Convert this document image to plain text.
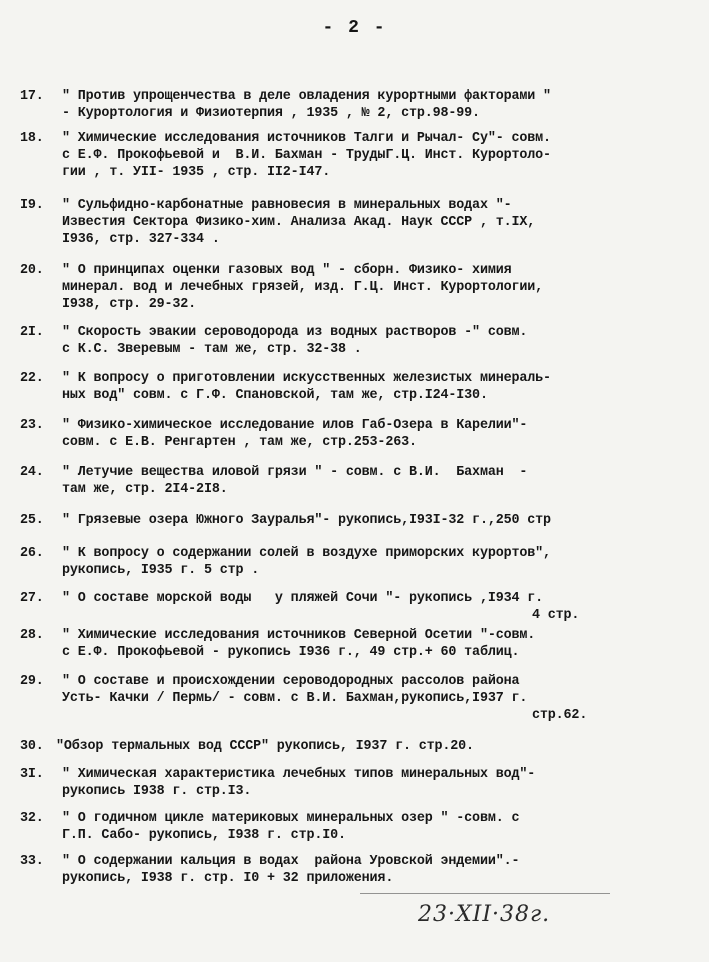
- 2 -
17.	" Против упрощенчества в деле овладения курортными факторами "
- Курортология и Физиотерпия , 1935 , № 2, стр.98-99.
18.	" Химические исследования источников Талги и Рычал- Су"- совм.
с Е.Ф. Прокофьевой и  В.И. Бахман - ТрудыГ.Ц. Инст. Курортоло-
гии , т. УII- 1935 , стр. II2-I47.
I9.	" Сульфидно-карбонатные равновесия в минеральных водах "-
Известия Сектора Физико-хим. Анализа Акад. Наук СССР , т.IX,
I936, стр. 327-334 .
20.	" О принципах оценки газовых вод " - сборн. Физико- химия
минерал. вод и лечебных грязей, изд. Г.Ц. Инст. Курортологии,
I938, стр. 29-32.
2I.	" Скорость эвакии сероводорода из водных растворов -" совм.
с К.С. Зверевым - там же, стр. 32-38 .
22.	" К вопросу о приготовлении искусственных железистых минераль-
ных вод" совм. с Г.Ф. Спановской, там же, стр.I24-I30.
23.	" Физико-химическое исследование илов Габ-Озера в Карелии"-
совм. с Е.В. Ренгартен , там же, стр.253-263.
24.	" Летучие вещества иловой грязи " - совм. с В.И.  Бахман  -
там же, стр. 2I4-2I8.
25.	" Грязевые озера Южного Зауралья"- рукопись,I93I-32 г.,250 стр
26.	" К вопросу о содержании солей в воздухе приморских курортов",
рукопись, I935 г. 5 стр .
27.	" О составе морской воды   у пляжей Сочи "- рукопись ,I934 г.
4 стр.
28.	" Химические исследования источников Северной Осетии "-совм.
с Е.Ф. Прокофьевой - рукопись I936 г., 49 стр.+ 60 таблиц.
29.	" О составе и происхождении сероводородных рассолов района
Усть- Качки / Пермь/ - совм. с В.И. Бахман,рукопись,I937 г.
стр.62.
30. "Обзор термальных вод СССР" рукопись, I937 г. стр.20.
3I.	" Химическая характеристика лечебных типов минеральных вод"-
рукопись I938 г. стр.I3.
32.	" О годичном цикле материковых минеральных озер " -совм. с
Г.П. Сабо- рукопись, I938 г. стр.I0.
33.	" О содержании кальция в водах  района Уровской эндемии".-
рукопись, I938 г. стр. I0 + 32 приложения.
23·XII·38г.
